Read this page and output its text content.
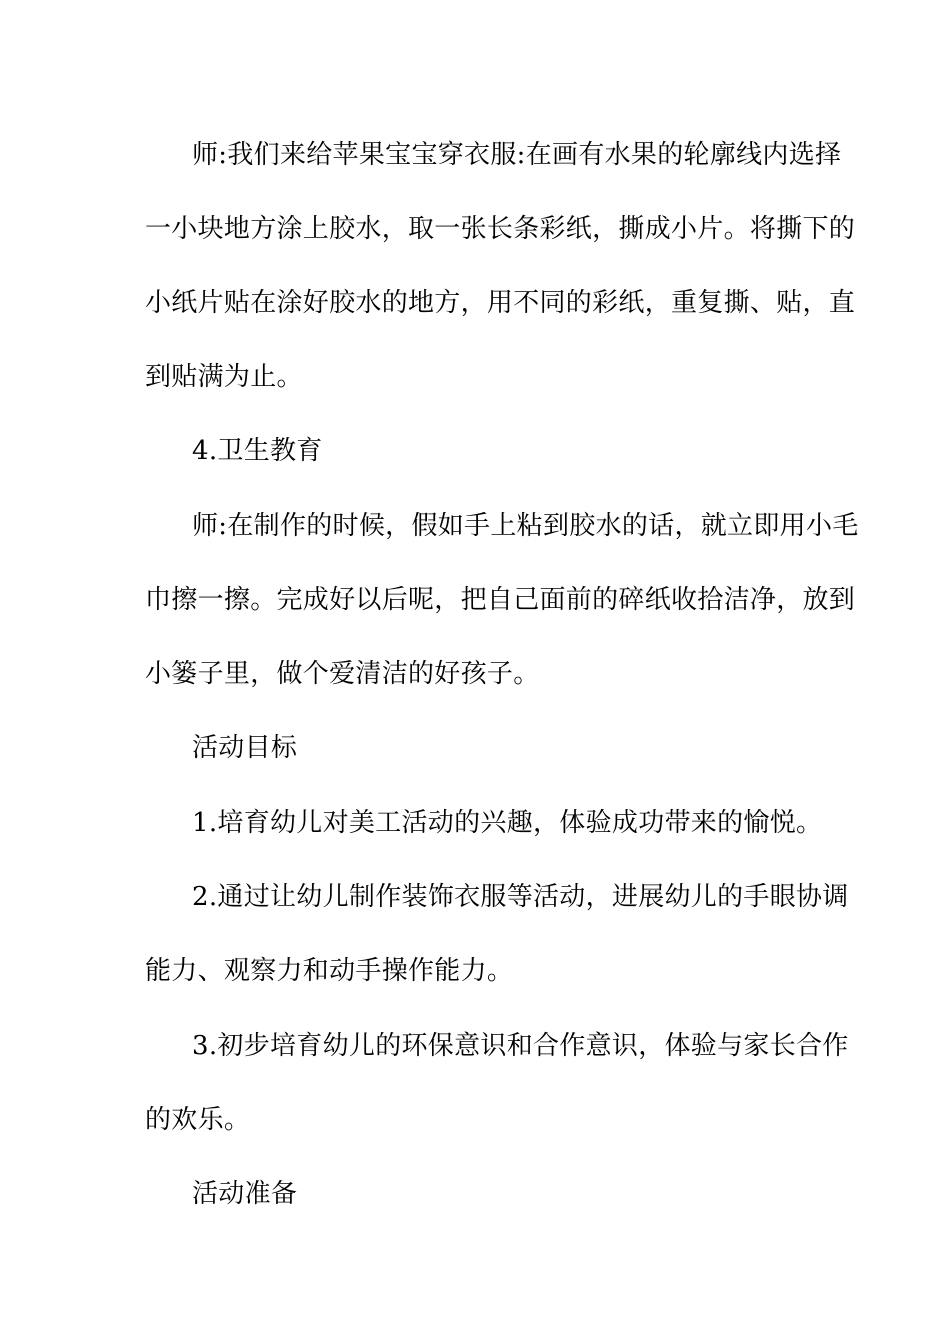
师:我们来给苹果宝宝穿衣服:在画有水果的轮廓线内选择
一小块地方涂上胶水，取一张长条彩纸，撕成小片。将撕下的
小纸片贴在涂好胶水的地方，用不同的彩纸，重复撕、贴，直
到贴满为止。
4.卫生教育
师:在制作的时候，假如手上粘到胶水的话，就立即用小毛
巾擦一擦。完成好以后呢，把自己面前的碎纸收拾洁净，放到
小篓子里，做个爱清洁的好孩子。
活动目标
1.培育幼儿对美工活动的兴趣，体验成功带来的愉悦。
2.通过让幼儿制作装饰衣服等活动，进展幼儿的手眼协调
能力、观察力和动手操作能力。
3.初步培育幼儿的环保意识和合作意识，体验与家长合作
的欢乐。
活动准备
